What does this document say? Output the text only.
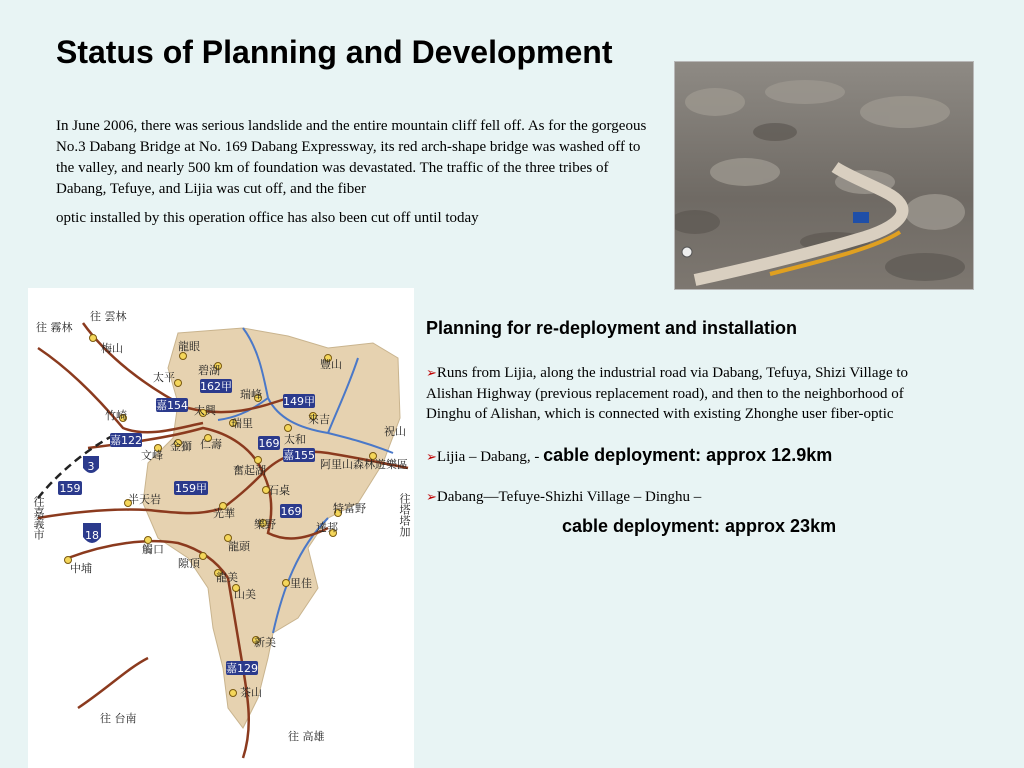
Status of Planning and Development

In June 2006, there was serious landslide and the entire mountain cliff fell off. As for the gorgeous No.3 Dabang Bridge at No. 169 Dabang Expressway, its red arch-shape bridge was washed off to the valley, and nearly 500 km of foundation was devastated. The traffic of the three tribes of Dabang, Tefuye, and Lijia was cut off, and the fiber
optic installed by this operation office has also been cut off until today

3
18
162甲
嘉154	149甲
嘉122	169
嘉155
159	159甲
169
嘉129
梅山	龍眼
碧湖
太平
瑞峰
豐山
竹崎	太興
瑞里	來吉
文峰
金獅 仁壽	太和
奮起湖	阿里山森林遊樂區
半天岩
石桌
光華	特富野
樂野	達邦
觸口	龍頭
中埔	隙頂
龍美	里佳
山美
新美
茶山
往 雲林
往 霧林
祝山
往 台南
往 高雄
往嘉義市	往塔塔加
Planning for re-deployment and installation

➢Runs from Lijia, along the industrial road via Dabang, Tefuya, Shizi Village to Alishan Highway (previous replacement road), and then to the neighborhood of Dinghu of Alishan, which is connected with existing Zhonghe user fiber-optic

➢Lijia – Dabang, - cable deployment: approx 12.9km

➢Dabang—Tefuye-Shizhi Village – Dinghu –
cable deployment: approx 23km
